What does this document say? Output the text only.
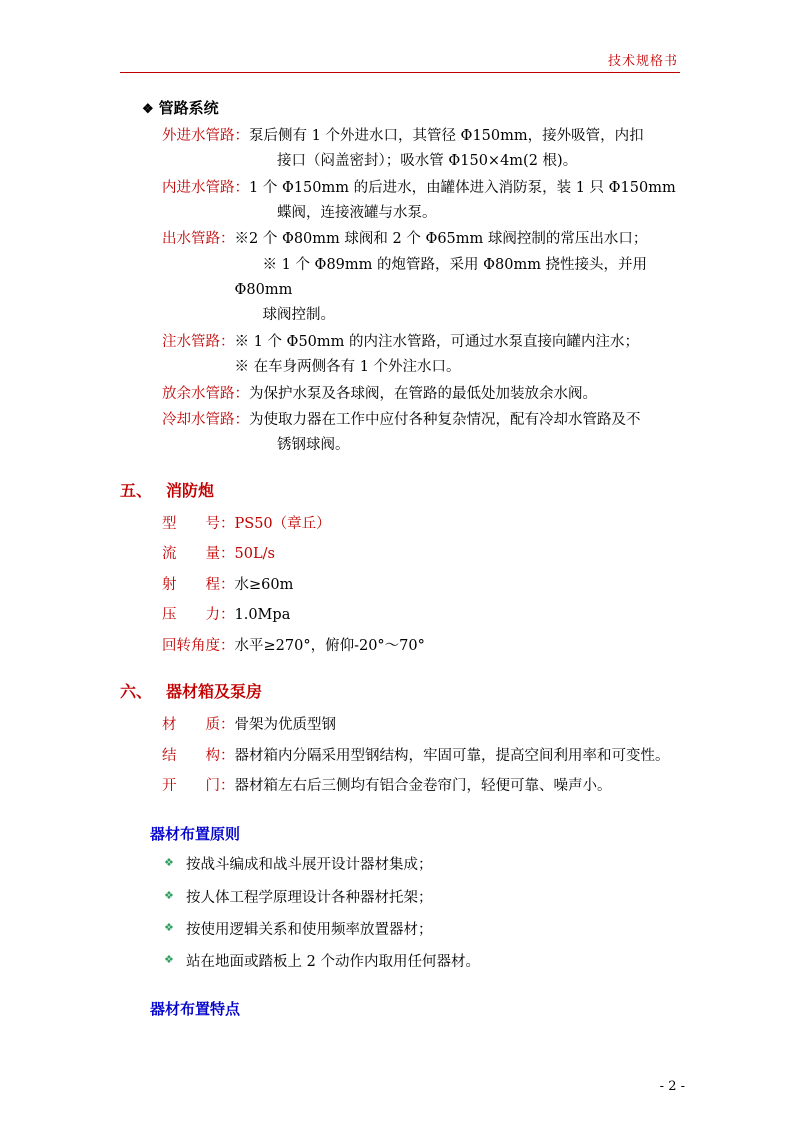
技术规格书
❖ 管路系统
外进水管路： 泵后侧有 1 个外进水口，其管径 Φ150mm，接外吸管，内扣
接口（闷盖密封）；吸水管 Φ150×4m(2 根)。
内进水管路： 1 个 Φ150mm 的后进水，由罐体进入消防泵，装 1 只 Φ150mm
蝶阀，连接液罐与水泵。
出水管路： ※2 个 Φ80mm 球阀和 2 个 Φ65mm 球阀控制的常压出水口；
※ 1 个 Φ89mm 的炮管路，采用 Φ80mm 挠性接头，并用 Φ80mm
球阀控制。
注水管路： ※ 1 个 Φ50mm 的内注水管路，可通过水泵直接向罐内注水；
※ 在车身两侧各有 1 个外注水口。
放余水管路： 为保护水泵及各球阀，在管路的最低处加装放余水阀。
冷却水管路： 为使取力器在工作中应付各种复杂情况，配有冷却水管路及不
锈钢球阀。
五、 消防炮
型　　号： PS50（章丘）
流　　量： 50L/s
射　　程： 水≥60m
压　　力： 1.0Mpa
回转角度： 水平≥270°，俯仰-20°～70°
六、 器材箱及泵房
材　　质： 骨架为优质型钢
结　　构： 器材箱内分隔采用型钢结构，牢固可靠，提高空间利用率和可变性。
开　　门： 器材箱左右后三侧均有铝合金卷帘门，轻便可靠、噪声小。
器材布置原则
❖ 按战斗编成和战斗展开设计器材集成；
❖ 按人体工程学原理设计各种器材托架；
❖ 按使用逻辑关系和使用频率放置器材；
❖ 站在地面或踏板上 2 个动作内取用任何器材。
器材布置特点
- 2 -
